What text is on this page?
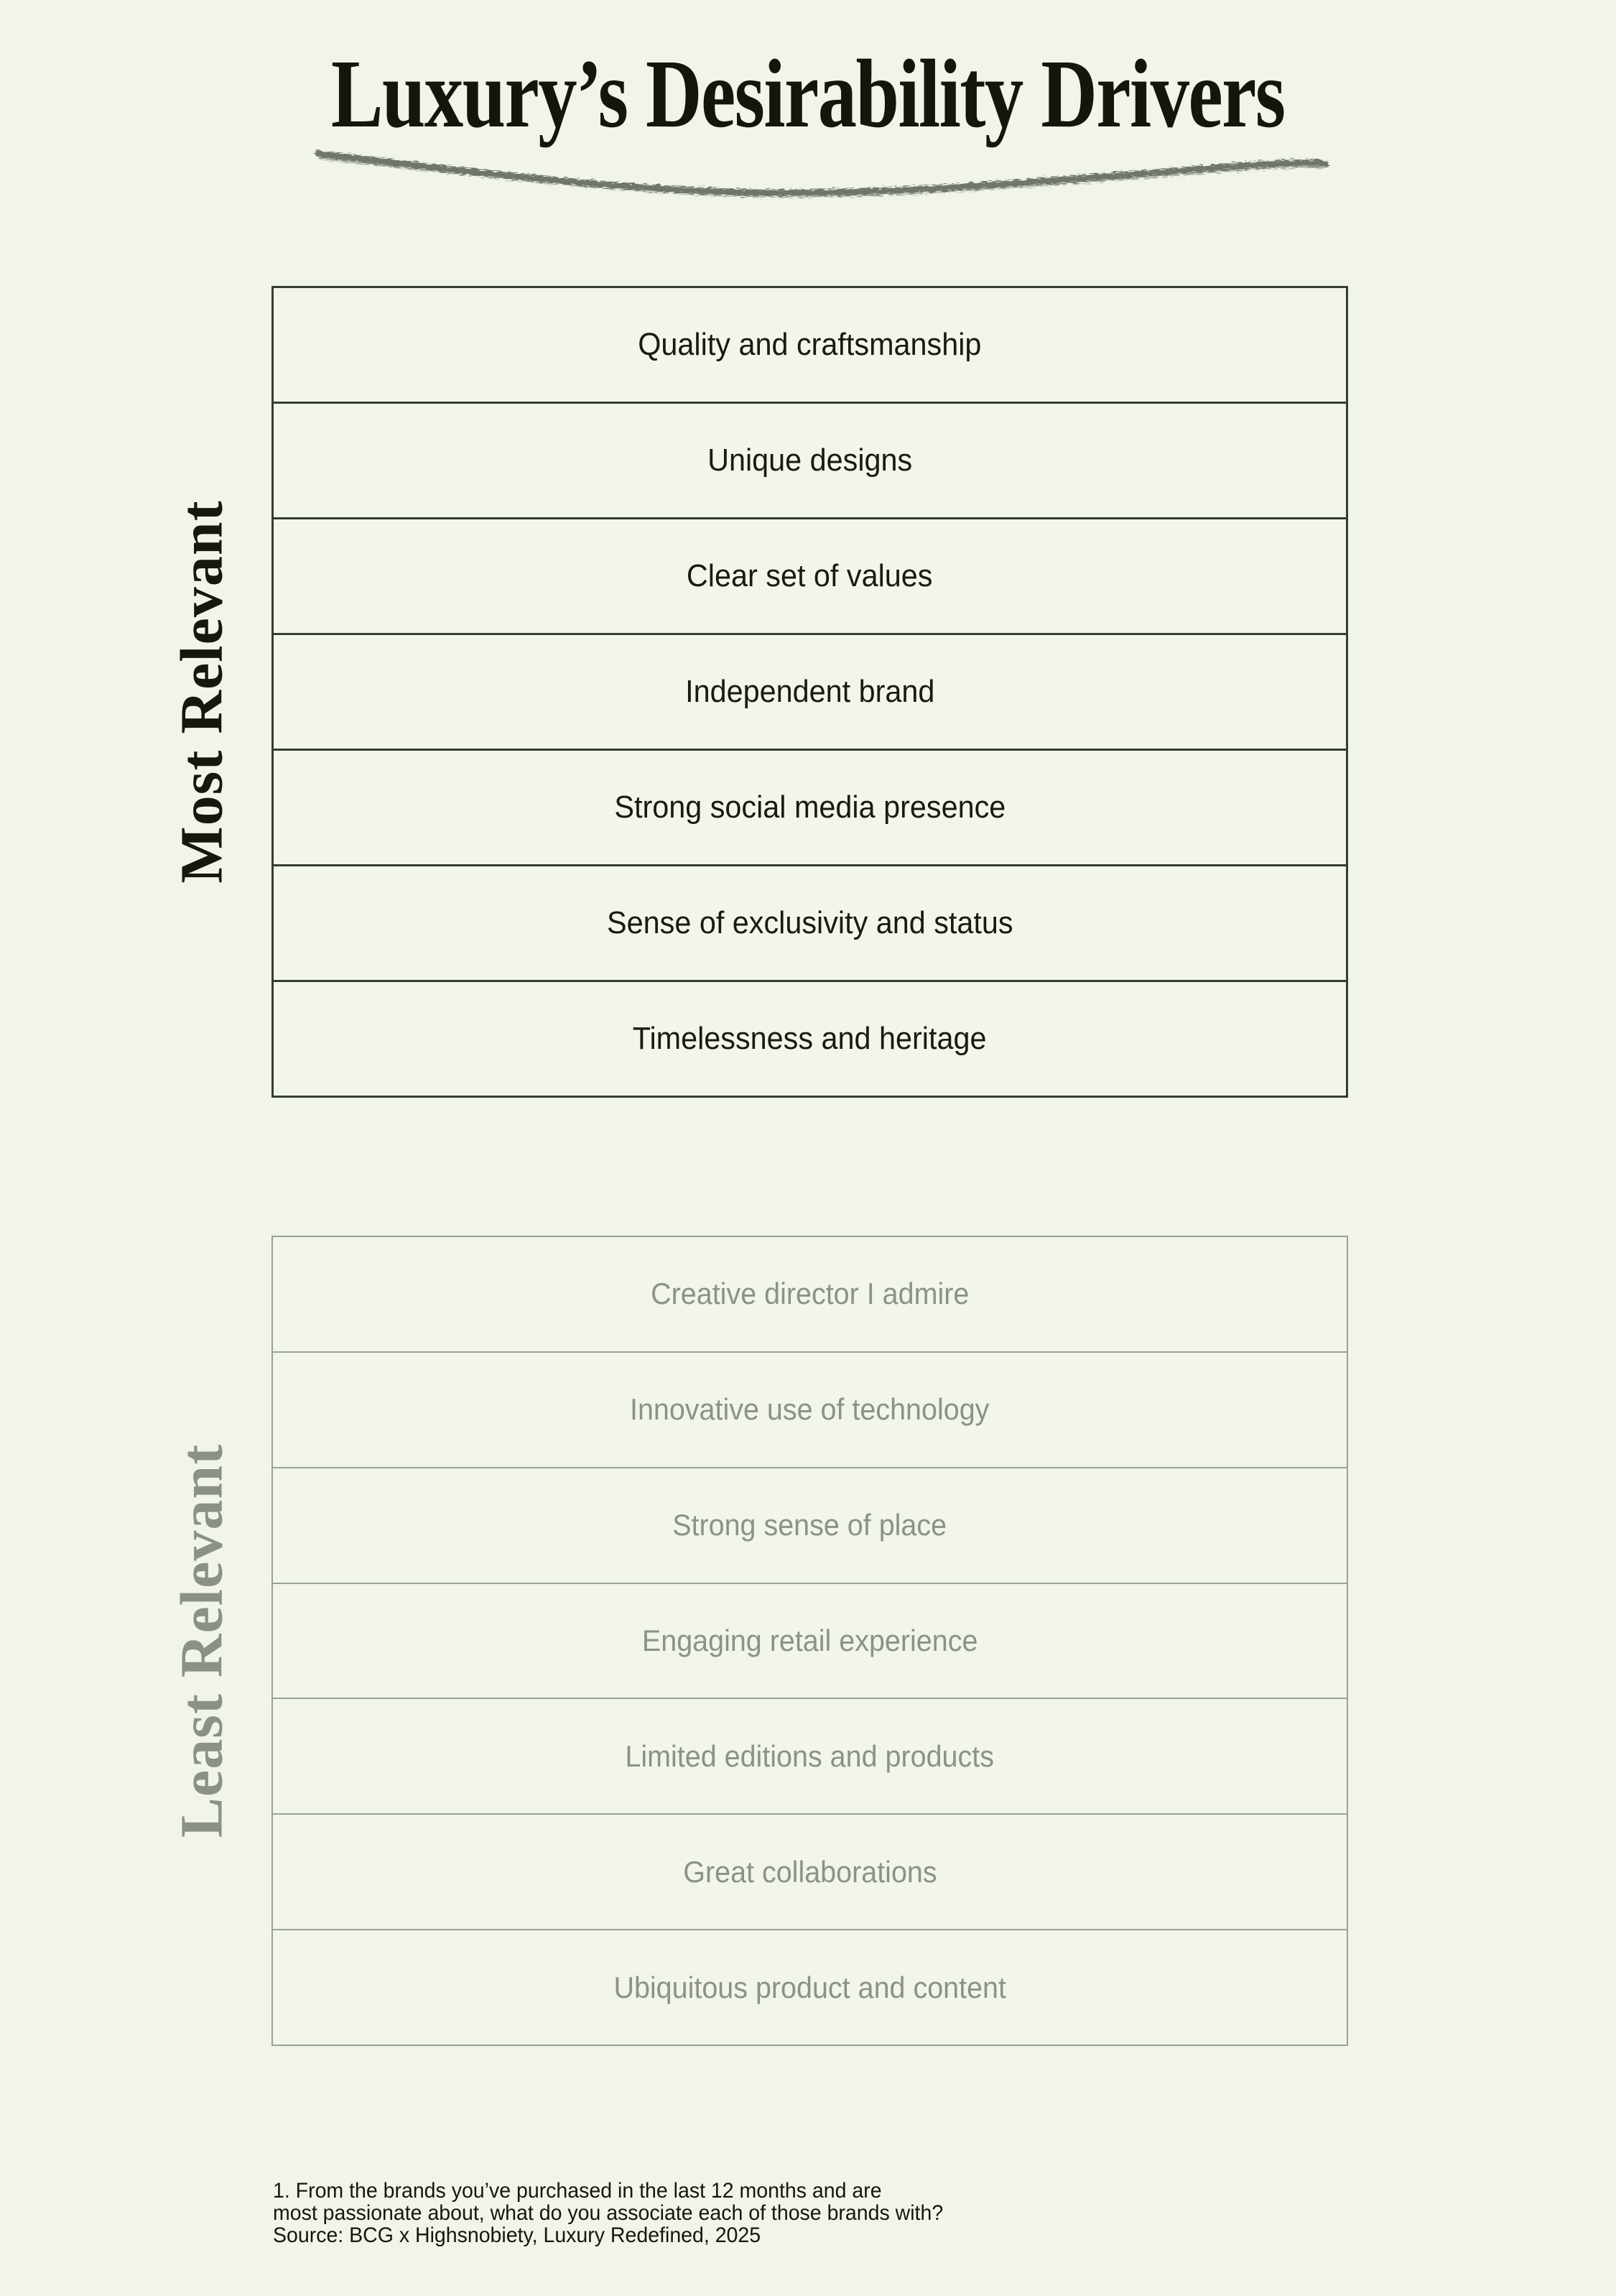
Luxury’s Desirability Drivers
Most Relevant
Quality and craftsmanship
Unique designs
Clear set of values
Independent brand
Strong social media presence
Sense of exclusivity and status
Timelessness and heritage
Least Relevant
Creative director I admire
Innovative use of technology
Strong sense of place
Engaging retail experience
Limited editions and products
Great collaborations
Ubiquitous product and content
1. From the brands you’ve purchased in the last 12 months and are
most passionate about, what do you associate each of those brands with?
Source: BCG x Highsnobiety, Luxury Redefined, 2025
